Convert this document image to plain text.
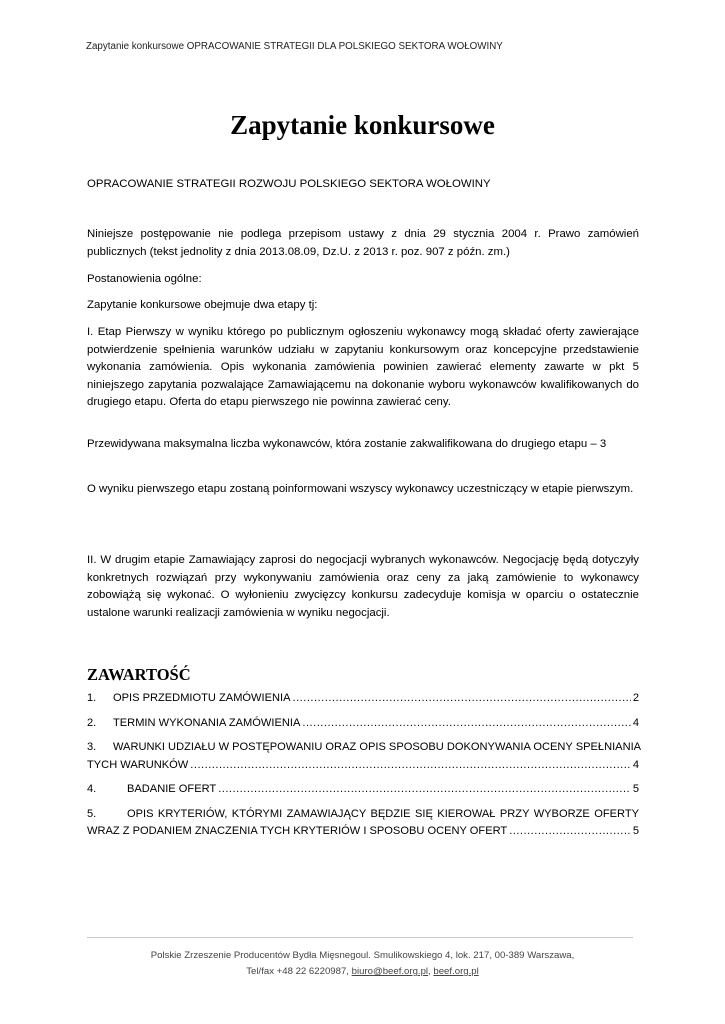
Zapytanie konkursowe OPRACOWANIE STRATEGII DLA POLSKIEGO SEKTORA WOŁOWINY
Zapytanie konkursowe
OPRACOWANIE STRATEGII ROZWOJU POLSKIEGO SEKTORA WOŁOWINY

Niniejsze postępowanie nie podlega przepisom ustawy z dnia 29 stycznia 2004 r. Prawo zamówień publicznych (tekst jednolity z dnia 2013.08.09, Dz.U. z 2013 r. poz. 907 z późn. zm.)

Postanowienia ogólne:

Zapytanie konkursowe obejmuje dwa etapy tj:

I. Etap Pierwszy w wyniku którego po publicznym ogłoszeniu wykonawcy mogą składać oferty zawierające potwierdzenie spełnienia warunków udziału w zapytaniu konkursowym oraz koncepcyjne przedstawienie wykonania zamówienia. Opis wykonania zamówienia powinien zawierać elementy zawarte w pkt 5 niniejszego zapytania pozwalające Zamawiającemu na dokonanie wyboru wykonawców kwalifikowanych do drugiego etapu. Oferta do etapu pierwszego nie powinna zawierać ceny.

Przewidywana maksymalna liczba wykonawców, która zostanie zakwalifikowana do drugiego etapu – 3

O wyniku pierwszego etapu zostaną poinformowani wszyscy wykonawcy uczestniczący w etapie pierwszym.

II. W drugim etapie Zamawiający zaprosi do negocjacji wybranych wykonawców. Negocjację będą dotyczyły konkretnych rozwiązań przy wykonywaniu zamówienia oraz ceny za jaką zamówienie to wykonawcy zobowiążą się wykonać. O wyłonieniu zwycięzcy konkursu zadecyduje komisja w oparciu o ostatecznie ustalone warunki realizacji zamówienia w wyniku negocjacji.

ZAWARTOŚĆ
1.	OPIS PRZEDMIOTU ZAMÓWIENIA .....	2
2.	TERMIN WYKONANIA ZAMÓWIENIA .....	4
3. WARUNKI UDZIAŁU W POSTĘPOWANIU ORAZ OPIS SPOSOBU DOKONYWANIA OCENY SPEŁNIANIA
TYCH WARUNKÓW .....	4
4.	BADANIE OFERT .....	5
5.	OPIS KRYTERIÓW, KTÓRYMI ZAMAWIAJĄCY BĘDZIE SIĘ KIEROWAŁ PRZY WYBORZE OFERTY
WRAZ Z PODANIEM ZNACZENIA TYCH KRYTERIÓW I SPOSOBU OCENY OFERT .....	5
Polskie Zrzeszenie Producentów Bydła Mięsnegoul. Smulikowskiego 4, lok. 217, 00-389 Warszawa,
Tel/fax +48 22 6220987, biuro@beef.org.pl, beef.org.pl
